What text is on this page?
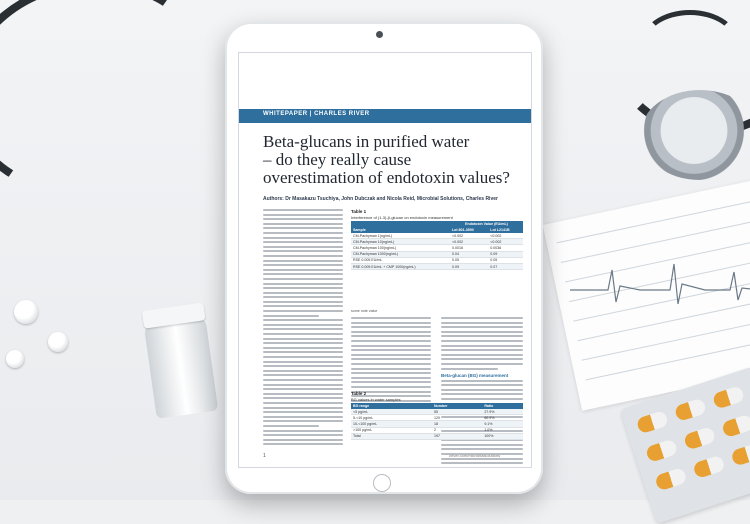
WHITEPAPER | CHARLES RIVER
Beta-glucans in purified water
– do they really cause
overestimation of endotoxin values?
Authors: Dr Masakazu Tsuchiya, John Dubczak and Nicola Reid, Microbial Solutions, Charles River
Table 1
Interference of (1-3)-β-glucan on endotoxin measurement
	Endotoxin Value (EU/mL)	
Sample	Lot 801-3590	Lot L2141B
CM-Pachyman 1(ng/mL)	<0.002	<0.002
CM-Pachyman 10(ng/mL)	<0.002	<0.002
CM-Pachyman 100(ng/mL)	0.0016	0.0036
CM-Pachyman 1000(ng/mL)	0.04	0.09
RSE 0.005 EU/mL	0.05	0.05
RSE 0.005 EU/mL + CMP 1000(ng/mL)	0.09	0.07
some note value
Beta-glucan (BG) measurement
Table 2
BG values in water samples
BG range	Number	Ratio
<5 pg/mL	55	27.9%
5-<10 pg/mL	120	60.9%
10-<100 pg/mL	18	9.1%
>100 pg/mL	2	1.0%
Total	197	100%
1	criver.com/microbialsolutions
